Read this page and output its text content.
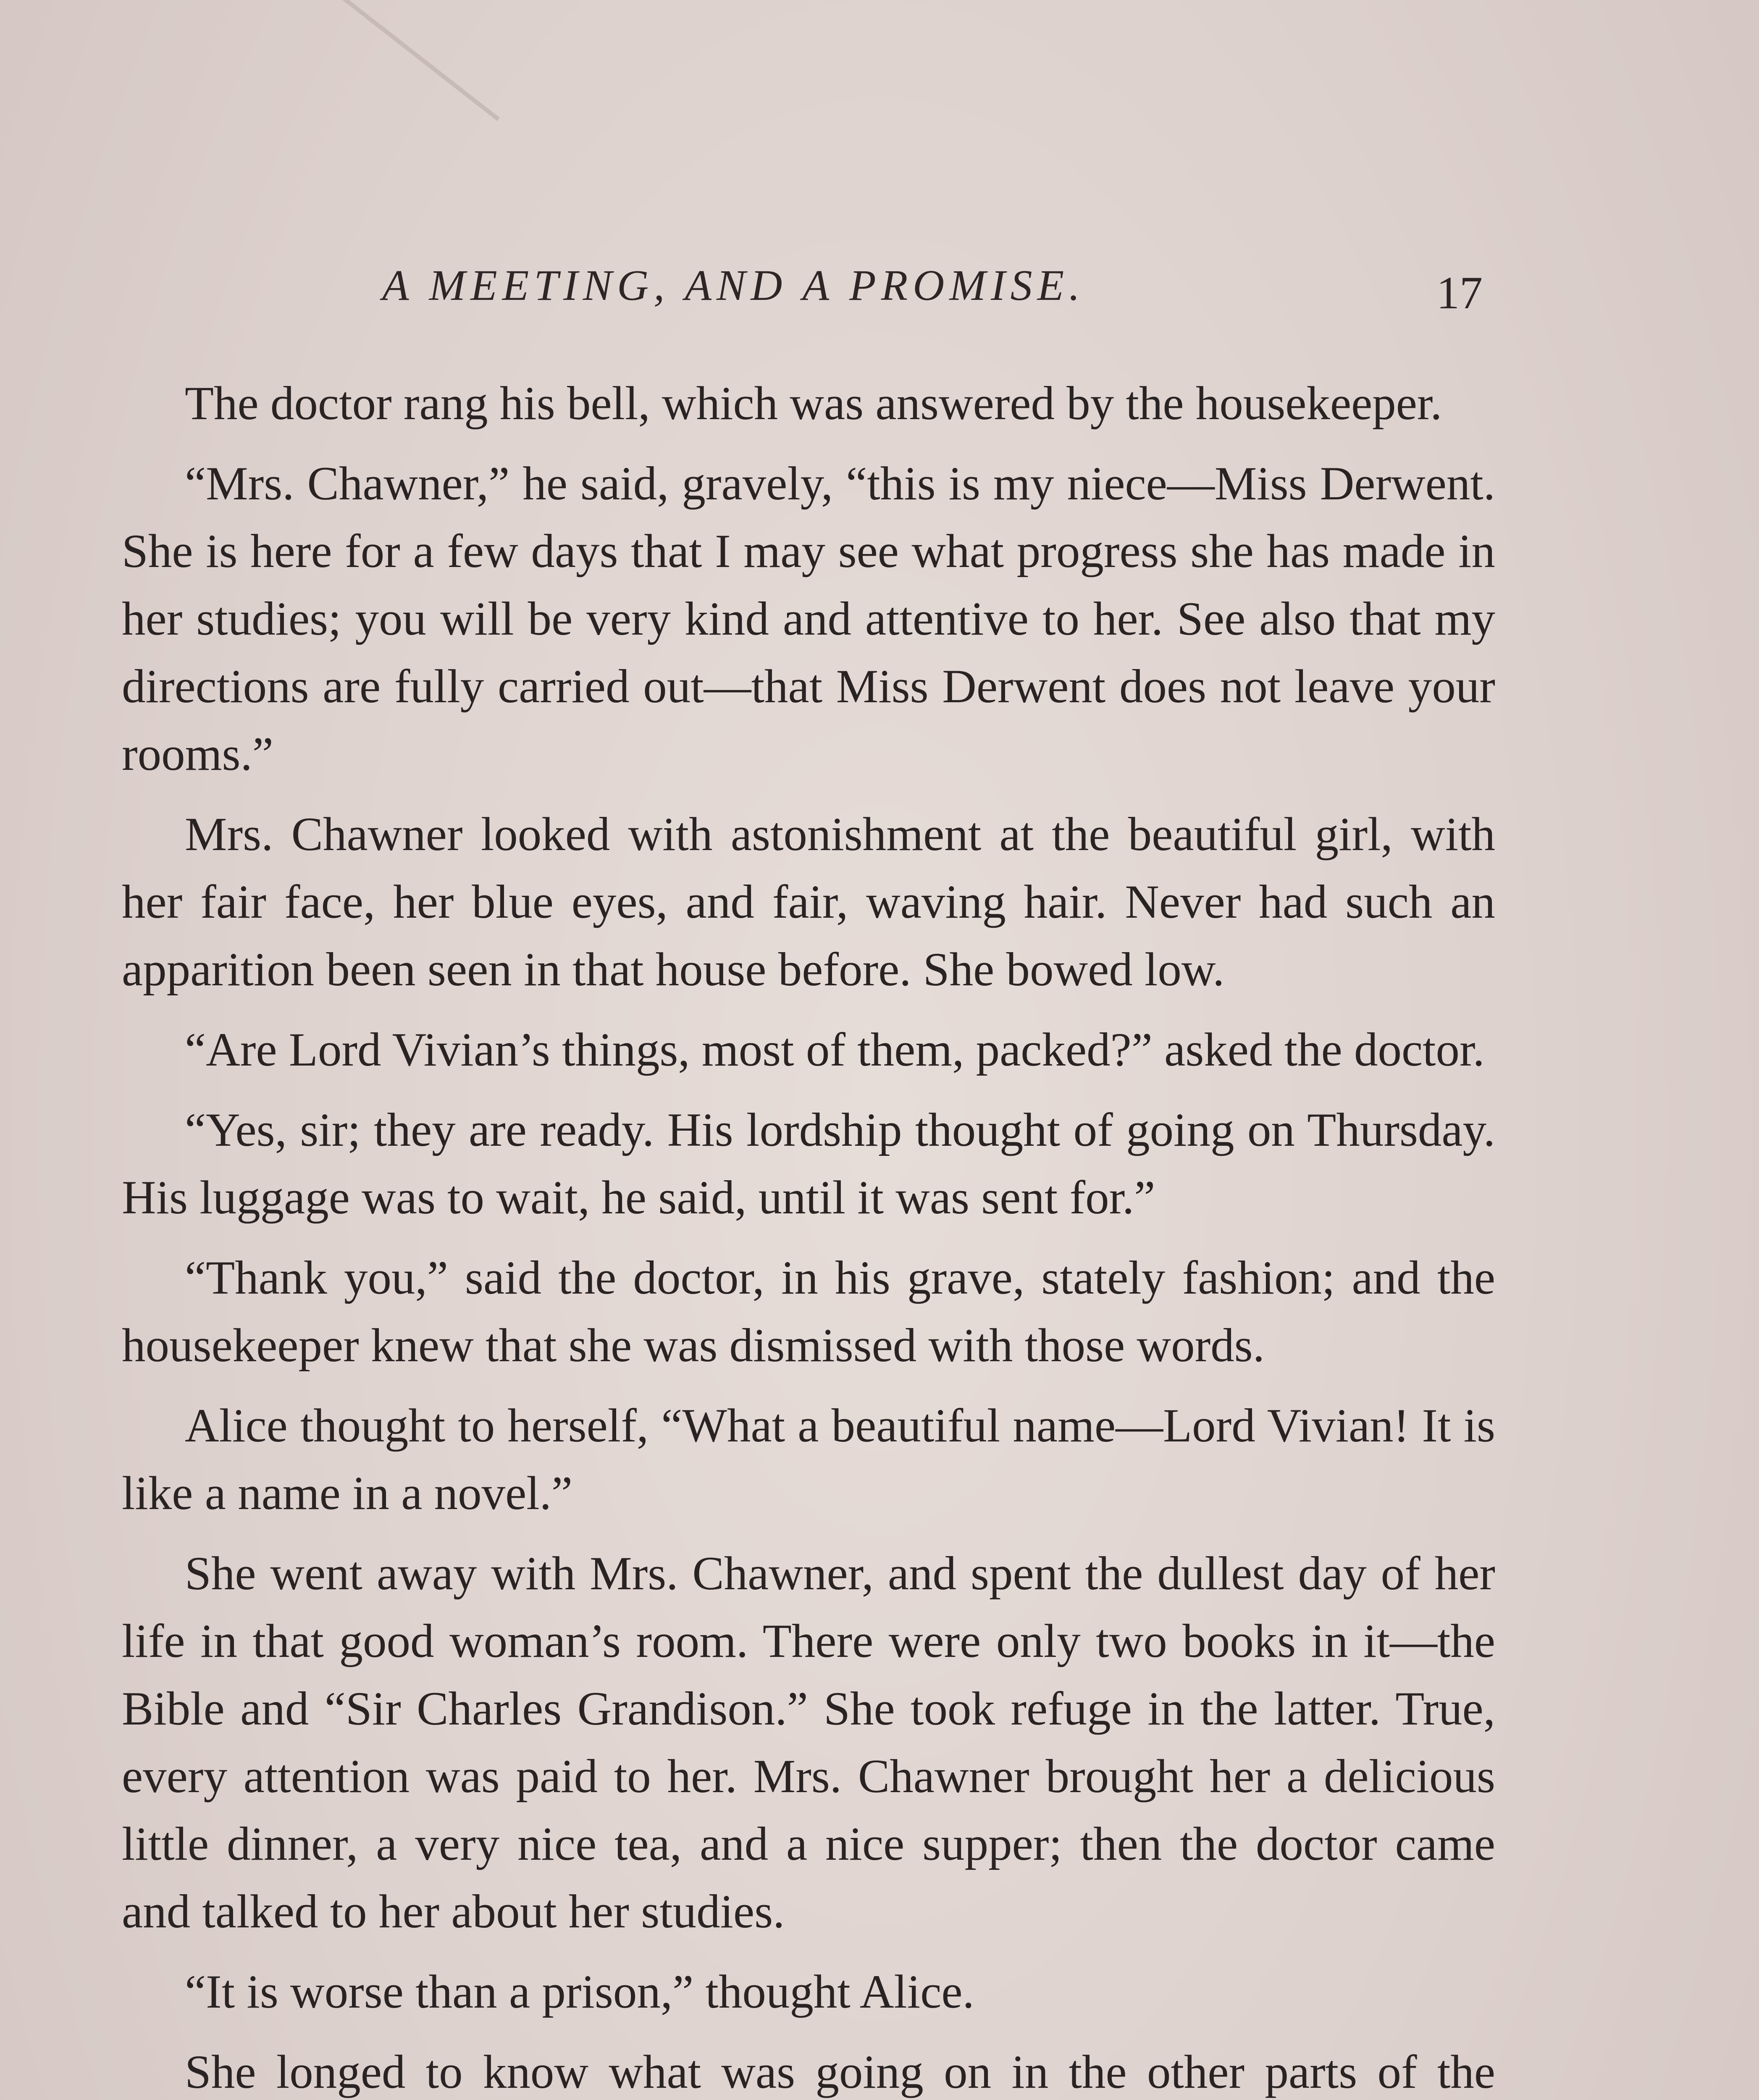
A MEETING, AND A PROMISE.	17

The doctor rang his bell, which was answered by the housekeeper.

“Mrs. Chawner,” he said, gravely, “this is my niece—Miss Derwent. She is here for a few days that I may see what progress she has made in her studies; you will be very kind and attentive to her. See also that my directions are fully carried out—that Miss Derwent does not leave your rooms.”

Mrs. Chawner looked with astonishment at the beautiful girl, with her fair face, her blue eyes, and fair, waving hair. Never had such an apparition been seen in that house before. She bowed low.

“Are Lord Vivian’s things, most of them, packed?” asked the doctor.

“Yes, sir; they are ready. His lordship thought of going on Thursday. His luggage was to wait, he said, until it was sent for.”

“Thank you,” said the doctor, in his grave, stately fashion; and the housekeeper knew that she was dismissed with those words.

Alice thought to herself, “What a beautiful name—Lord Vivian! It is like a name in a novel.”

She went away with Mrs. Chawner, and spent the dullest day of her life in that good woman’s room. There were only two books in it—the Bible and “Sir Charles Grandison.” She took refuge in the latter. True, every attention was paid to her. Mrs. Chawner brought her a delicious little dinner, a very nice tea, and a nice supper; then the doctor came and talked to her about her studies.

“It is worse than a prison,” thought Alice.

She longed to know what was going on in the other parts of the
